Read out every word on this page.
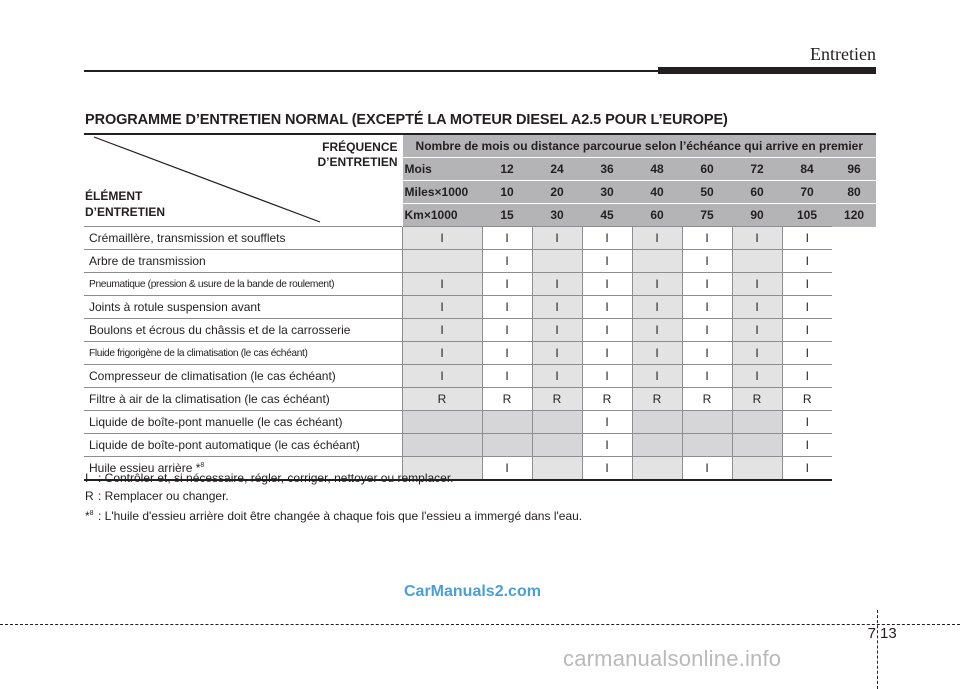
Entretien
PROGRAMME D’ENTRETIEN NORMAL (EXCEPTÉ LA MOTEUR DIESEL A2.5 POUR L’EUROPE)
FRÉQUENCE
D’ENTRETIEN
ÉLÉMENT
D’ENTRETIEN	Nombre de mois ou distance parcourue selon l’échéance qui arrive en premier								
	Mois	12	24	36	48	60	72	84	96
	Miles×1000	10	20	30	40	50	60	70	80
	Km×1000	15	30	45	60	75	90	105	120
Crémaillère, transmission et soufflets	I	I	I	I	I	I	I	I	
Arbre de transmission		I		I		I		I	
Pneumatique (pression & usure de la bande de roulement)	I	I	I	I	I	I	I	I	
Joints à rotule suspension avant	I	I	I	I	I	I	I	I	
Boulons et écrous du châssis et de la carrosserie	I	I	I	I	I	I	I	I	
Fluide frigorigène de la climatisation (le cas échéant)	I	I	I	I	I	I	I	I	
Compresseur de climatisation (le cas échéant)	I	I	I	I	I	I	I	I	
Filtre à air de la climatisation (le cas échéant)	R	R	R	R	R	R	R	R	
Liquide de boîte-pont manuelle (le cas échéant)				I				I	
Liquide de boîte-pont automatique (le cas échéant)				I				I	
Huile essieu arrière *$^8$		I		I		I		I	
I : Contrôler et, si nécessaire, régler, corriger, nettoyer ou remplacer.
R : Remplacer ou changer.
*$^8$ : L'huile d'essieu arrière doit être changée à chaque fois que l'essieu a immergé dans l'eau.
CarManuals2.com
7 13
carmanualsonline.info
